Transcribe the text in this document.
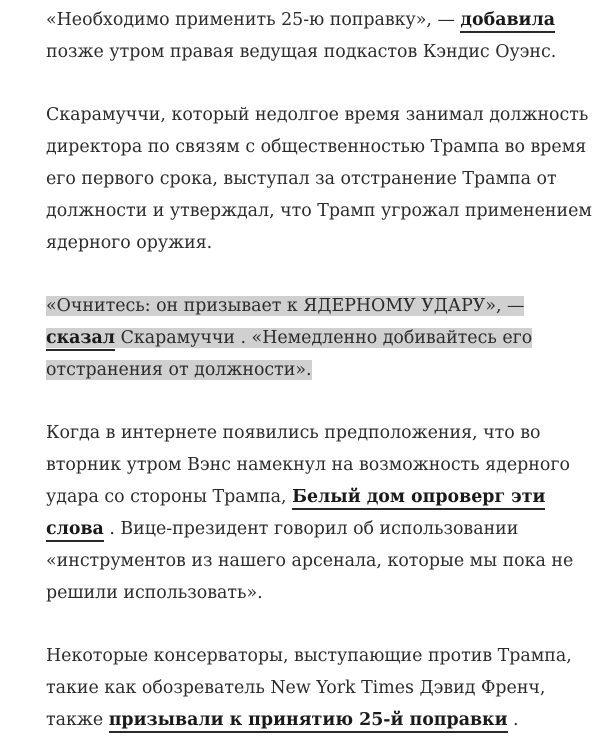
«Необходимо применить 25-ю поправку», — добавила позже утром правая ведущая подкастов Кэндис Оуэнс.

Скарамуччи, который недолгое время занимал должность директора по связям с общественностью Трампа во время его первого срока, выступал за отстранение Трампа от должности и утверждал, что Трамп угрожал применением ядерного оружия.

«Очнитесь: он призывает к ЯДЕРНОМУ УДАРУ», — сказал Скарамуччи . «Немедленно добивайтесь его отстранения от должности».

Когда в интернете появились предположения, что во вторник утром Вэнс намекнул на возможность ядерного удара со стороны Трампа, Белый дом опроверг эти слова . Вице-президент говорил об использовании «инструментов из нашего арсенала, которые мы пока не решили использовать».

Некоторые консерваторы, выступающие против Трампа, такие как обозреватель New York Times Дэвид Френч, также призывали к принятию 25-й поправки .
